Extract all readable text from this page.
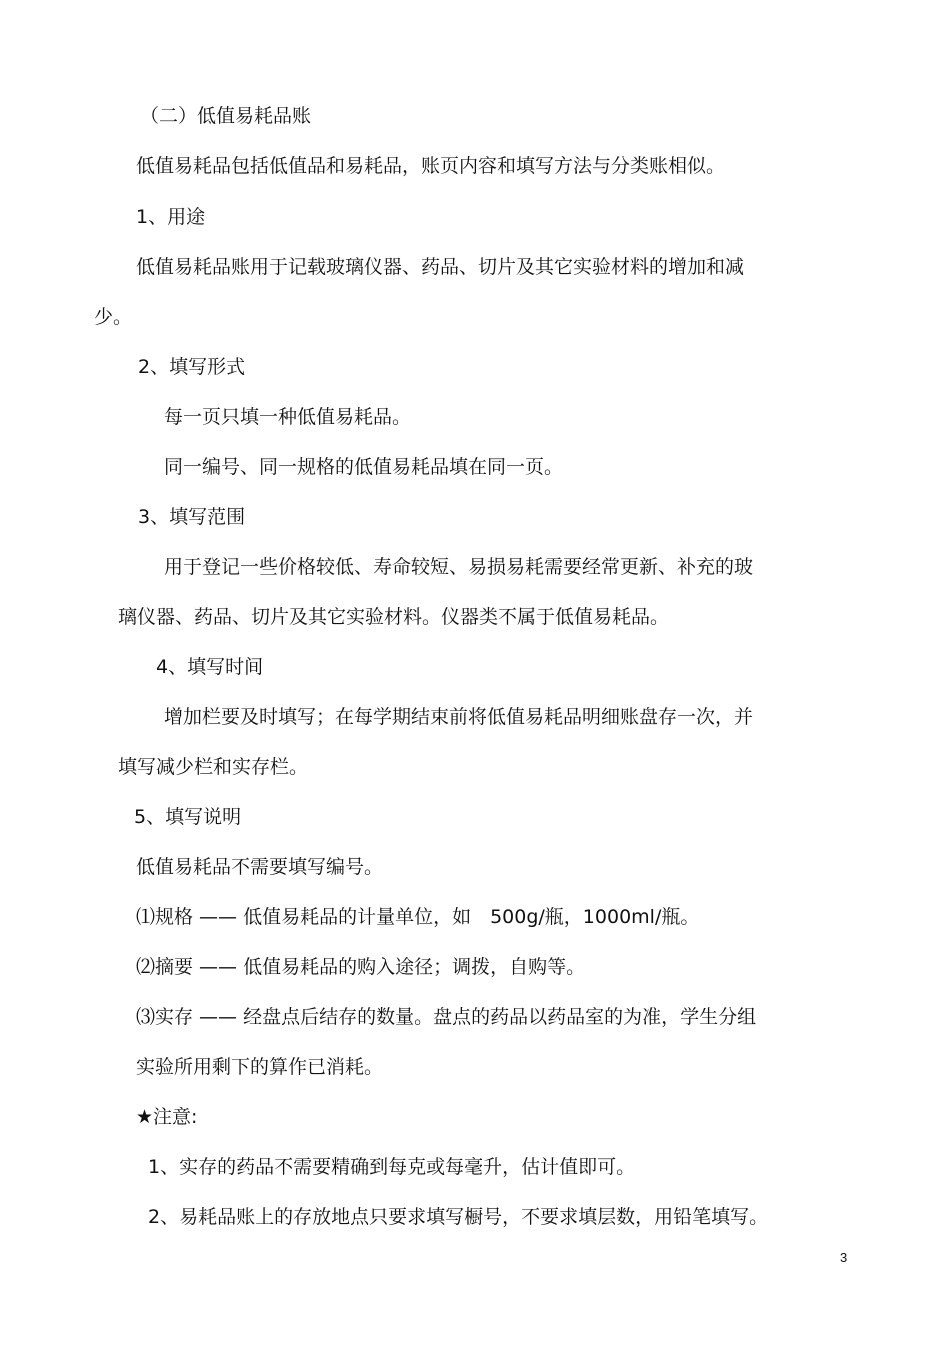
（二）低值易耗品账

低值易耗品包括低值品和易耗品，账页内容和填写方法与分类账相似。

1、用途

低值易耗品账用于记载玻璃仪器、药品、切片及其它实验材料的增加和减

少。

2、填写形式

每一页只填一种低值易耗品。

同一编号、同一规格的低值易耗品填在同一页。

3、填写范围

用于登记一些价格较低、寿命较短、易损易耗需要经常更新、补充的玻

璃仪器、药品、切片及其它实验材料。仪器类不属于低值易耗品。

4、填写时间

增加栏要及时填写；在每学期结束前将低值易耗品明细账盘存一次，并

填写减少栏和实存栏。

5、填写说明

低值易耗品不需要填写编号。

⑴规格 —— 低值易耗品的计量单位，如　500g/瓶，1000ml/瓶。

⑵摘要 —— 低值易耗品的购入途径；调拨，自购等。

⑶实存 —— 经盘点后结存的数量。盘点的药品以药品室的为准，学生分组

实验所用剩下的算作已消耗。

★注意:

1、实存的药品不需要精确到每克或每毫升，估计值即可。

2、易耗品账上的存放地点只要求填写橱号，不要求填层数，用铅笔填写。

3
